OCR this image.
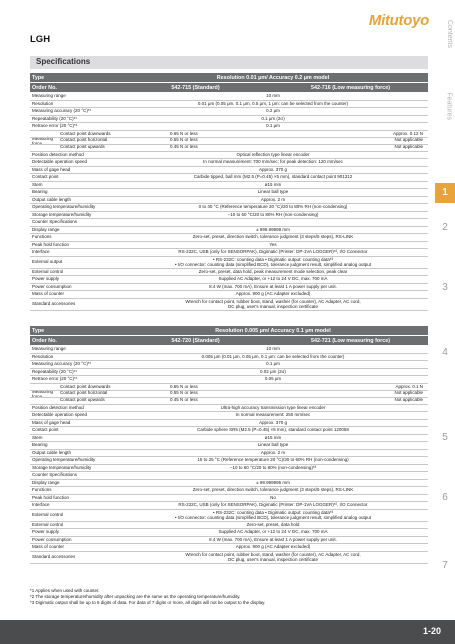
Mitutoyo
LGH
Specifications
Type	Resolution 0.01 μm/ Accuracy 0.2 μm model
Order No.	542-715 (Standard)	542-716 (Low measuring force)
Measuring range	10 mm
Resolution	0.01 μm (0.05 μm, 0.1 μm, 0.5 μm, 1 μm: can be selected from the counter)
Measuring accuracy (20 °C)*¹	0.2 μm
Repeatability (20 °C)*¹	0.1 μm (2σ)
Retrace error (20 °C)*¹	0.1 μm
Measuring force
Contact point downwards	0.65 N or less	Approx. 0.12 N
Contact point horizontal	0.55 N or less	Not applicable
Contact point upwards	0.45 N or less	Not applicable
Position detection method	Optical reflection type linear encoder
Detectable operation speed	In normal measurement: 700 mm/sec; for peak detection: 120 mm/sec
Mass of gage head	Approx. 370 g
Contact point	Carbide tipped, ball mm (M2.5 (P=0.45) ×5 mm), standard contact point 901312
Stem	ø15 mm
Bearing	Linear ball type
Output cable length	Approx. 2 m
Operating temperature/humidity	0 to 40 °C (Reference temperature 20 °C)/20 to 80% RH (non-condensing)
Storage temperature/humidity	−10 to 60 °C/20 to 80% RH (non-condensing)
Counter Specifications
Display range	± 999.99999 mm
Functions	Zero-set, preset, direction switch, tolerance judgment (3 steps/5 steps), RS-LINK
Peak hold function	Yes
Interface	RS-232C, USB (only for SENSORPAK), Digimatic (Printer: DP-1VA LOGGER)*², I/O Connector
External output	• RS-232C: counting data • Digimatic output: counting data*³
• I/O connector: counting data (simplified BCD), tolerance judgment result, simplified analog output
External control	Zero-set, preset, data hold, peak measurement mode selection, peak clear
Power supply	Supplied AC Adapter, or +12 to 24 V DC, max. 700 mA
Power consumption	8.4 W (max. 700 mA), Ensure at least 1 A power supply per unit.
Mass of counter	Approx. 900 g (AC Adapter excluded)
Standard accessories	Wrench for contact point, rubber boot, stand, washer (for counter), AC Adapter, AC cord,
DC plug, user's manual, inspection certificate
Type	Resolution 0.005 μm/ Accuracy 0.1 μm model
Order No.	542-720 (Standard)	542-721 (Low measuring force)
Measuring range	10 mm
Resolution	0.005 μm (0.01 μm, 0.05 μm, 0.1 μm: can be selected from the counter)
Measuring accuracy (20 °C)*¹	0.1 μm
Repeatability (20 °C)*¹	0.02 μm (2σ)
Retrace error (20 °C)*¹	0.05 μm
Measuring force
Contact point downwards	0.65 N or less	Approx. 0.1 N
Contact point horizontal	0.55 N or less	Not applicable
Contact point upwards	0.45 N or less	Not applicable
Position detection method	Ultra-high accuracy transmission type linear encoder
Detectable operation speed	In normal measurement: 250 mm/sec
Mass of gage head	Approx. 370 g
Contact point	Carbide sphere SR5 (M2.5 (P=0.45) ×5 mm), standard contact point 120058
Stem	ø15 mm
Bearing	Linear ball type
Output cable length	Approx. 2 m
Operating temperature/humidity	15 to 25 °C (Reference temperature 20 °C)/30 to 60% RH (non-condensing)
Storage temperature/humidity	−10 to 60 °C/20 to 80% (non-condensing)*³
Counter Specifications
Display range	± 99.999995 mm
Functions	Zero-set, preset, direction switch, tolerance judgment (3 steps/5 steps), RS-LINK
Peak hold function	No
Interface	RS-232C, USB (only for SENSORPAK), Digimatic (Printer: DP-1VA LOGGER)*², I/O Connector
External control	• RS-232C: counting data • Digimatic output: counting data*³
• I/O connector: counting data (simplified BCD), tolerance judgment result, simplified analog output
External control	Zero-set, preset, data hold
Power supply	Supplied AC Adapter, or +12 to 24 V DC, max. 700 mA
Power consumption	8.4 W (max. 700 mA), Ensure at least 1 A power supply per unit.
Mass of counter	Approx. 900 g (AC Adapter excluded)
Standard accessories	Wrench for contact point, rubber boot, stand, washer (for counter), AC Adapter, AC cord,
DC plug, user's manual, inspection certificate
*1 Applies when used with counter.
*2 The storage temperature/humidity after unpacking are the same as the operating temperature/humidity.
*3 Digimatic output shall be up to 6 digits of data. For data of 7 digits or more, all digits will not be output to the display.
Contents
Features
1
2
3
4
5
6
7
1-20
